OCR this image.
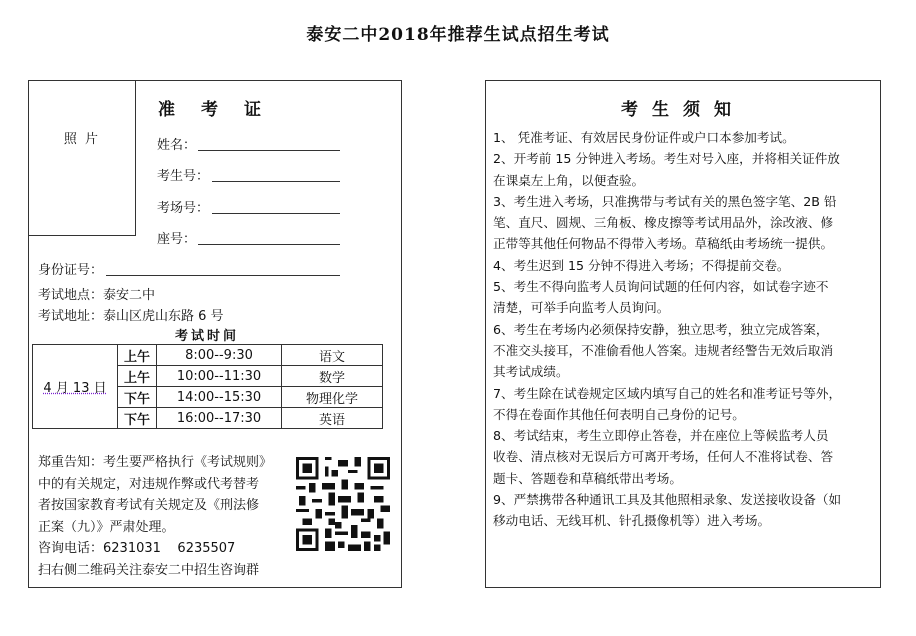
泰安二中2018年推荐生试点招生考试
照 片
准考证
姓名：
考生号：
考场号：
座号：
身份证号：
考试地点：泰安二中
考试地址：泰山区虎山东路 6 号
考试时间
4 月 13 日	上午	8:00--9:30	语文
	上午	10:00--11:30	数学
	下午	14:00--15:30	物理化学
	下午	16:00--17:30	英语
郑重告知：考生要严格执行《考试规则》
中的有关规定，对违规作弊或代考替考
者按国家教育考试有关规定及《刑法修
正案（九）》严肃处理。
咨询电话：6231031    6235507
扫右侧二维码关注泰安二中招生咨询群
考生须知

1、 凭准考证、有效居民身份证件或户口本参加考试。

2、开考前 15 分钟进入考场。考生对号入座，并将相关证件放

在课桌左上角，以便查验。

3、考生进入考场，只准携带与考试有关的黑色签字笔、2B 铅

笔、直尺、圆规、三角板、橡皮擦等考试用品外，涂改液、修

正带等其他任何物品不得带入考场。草稿纸由考场统一提供。

4、考生迟到 15 分钟不得进入考场；不得提前交卷。

5、考生不得向监考人员询问试题的任何内容，如试卷字迹不

清楚，可举手向监考人员询问。

6、考生在考场内必须保持安静，独立思考，独立完成答案，

不准交头接耳，不准偷看他人答案。违规者经警告无效后取消

其考试成绩。

7、考生除在试卷规定区域内填写自己的姓名和准考证号等外，

不得在卷面作其他任何表明自己身份的记号。

8、考试结束，考生立即停止答卷，并在座位上等候监考人员

收卷、清点核对无误后方可离开考场，任何人不准将试卷、答

题卡、答题卷和草稿纸带出考场。

9、严禁携带各种通讯工具及其他照相录象、发送接收设备（如

移动电话、无线耳机、针孔摄像机等）进入考场。
